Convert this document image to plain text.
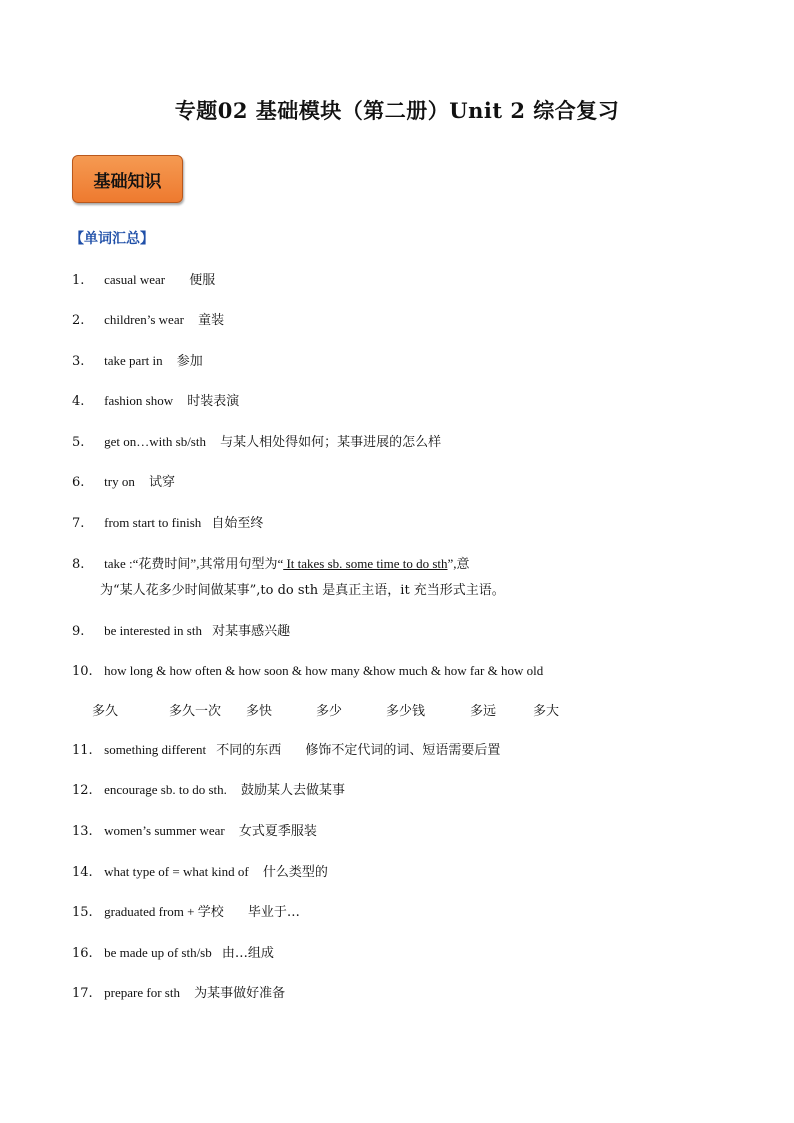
专题02 基础模块（第二册）Unit 2 综合复习
基础知识
【单词汇总】
1. casual wear 便服
2. children’s wear 童装
3. take part in 参加
4. fashion show 时装表演
5. get on…with sb/sth 与某人相处得如何；某事进展的怎么样
6. try on 试穿
7. from start to finish 自始至终
8. take :“花费时间”,其常用句型为“ It takes sb. some time to do sth”,意
为“某人花多少时间做某事”,to do sth 是真正主语，it 充当形式主语。
9. be interested in sth 对某事感兴趣
10. how long & how often & how soon & how many &how much & how far & how old
多久	多久一次 多快	多少	多少钱	多远	多大
11. something different 不同的东西 修饰不定代词的词、短语需要后置
12. encourage sb. to do sth. 鼓励某人去做某事
13. women’s summer wear 女式夏季服装
14. what type of = what kind of 什么类型的
15. graduated from + 学校 毕业于…
16. be made up of sth/sb 由…组成
17. prepare for sth 为某事做好准备
